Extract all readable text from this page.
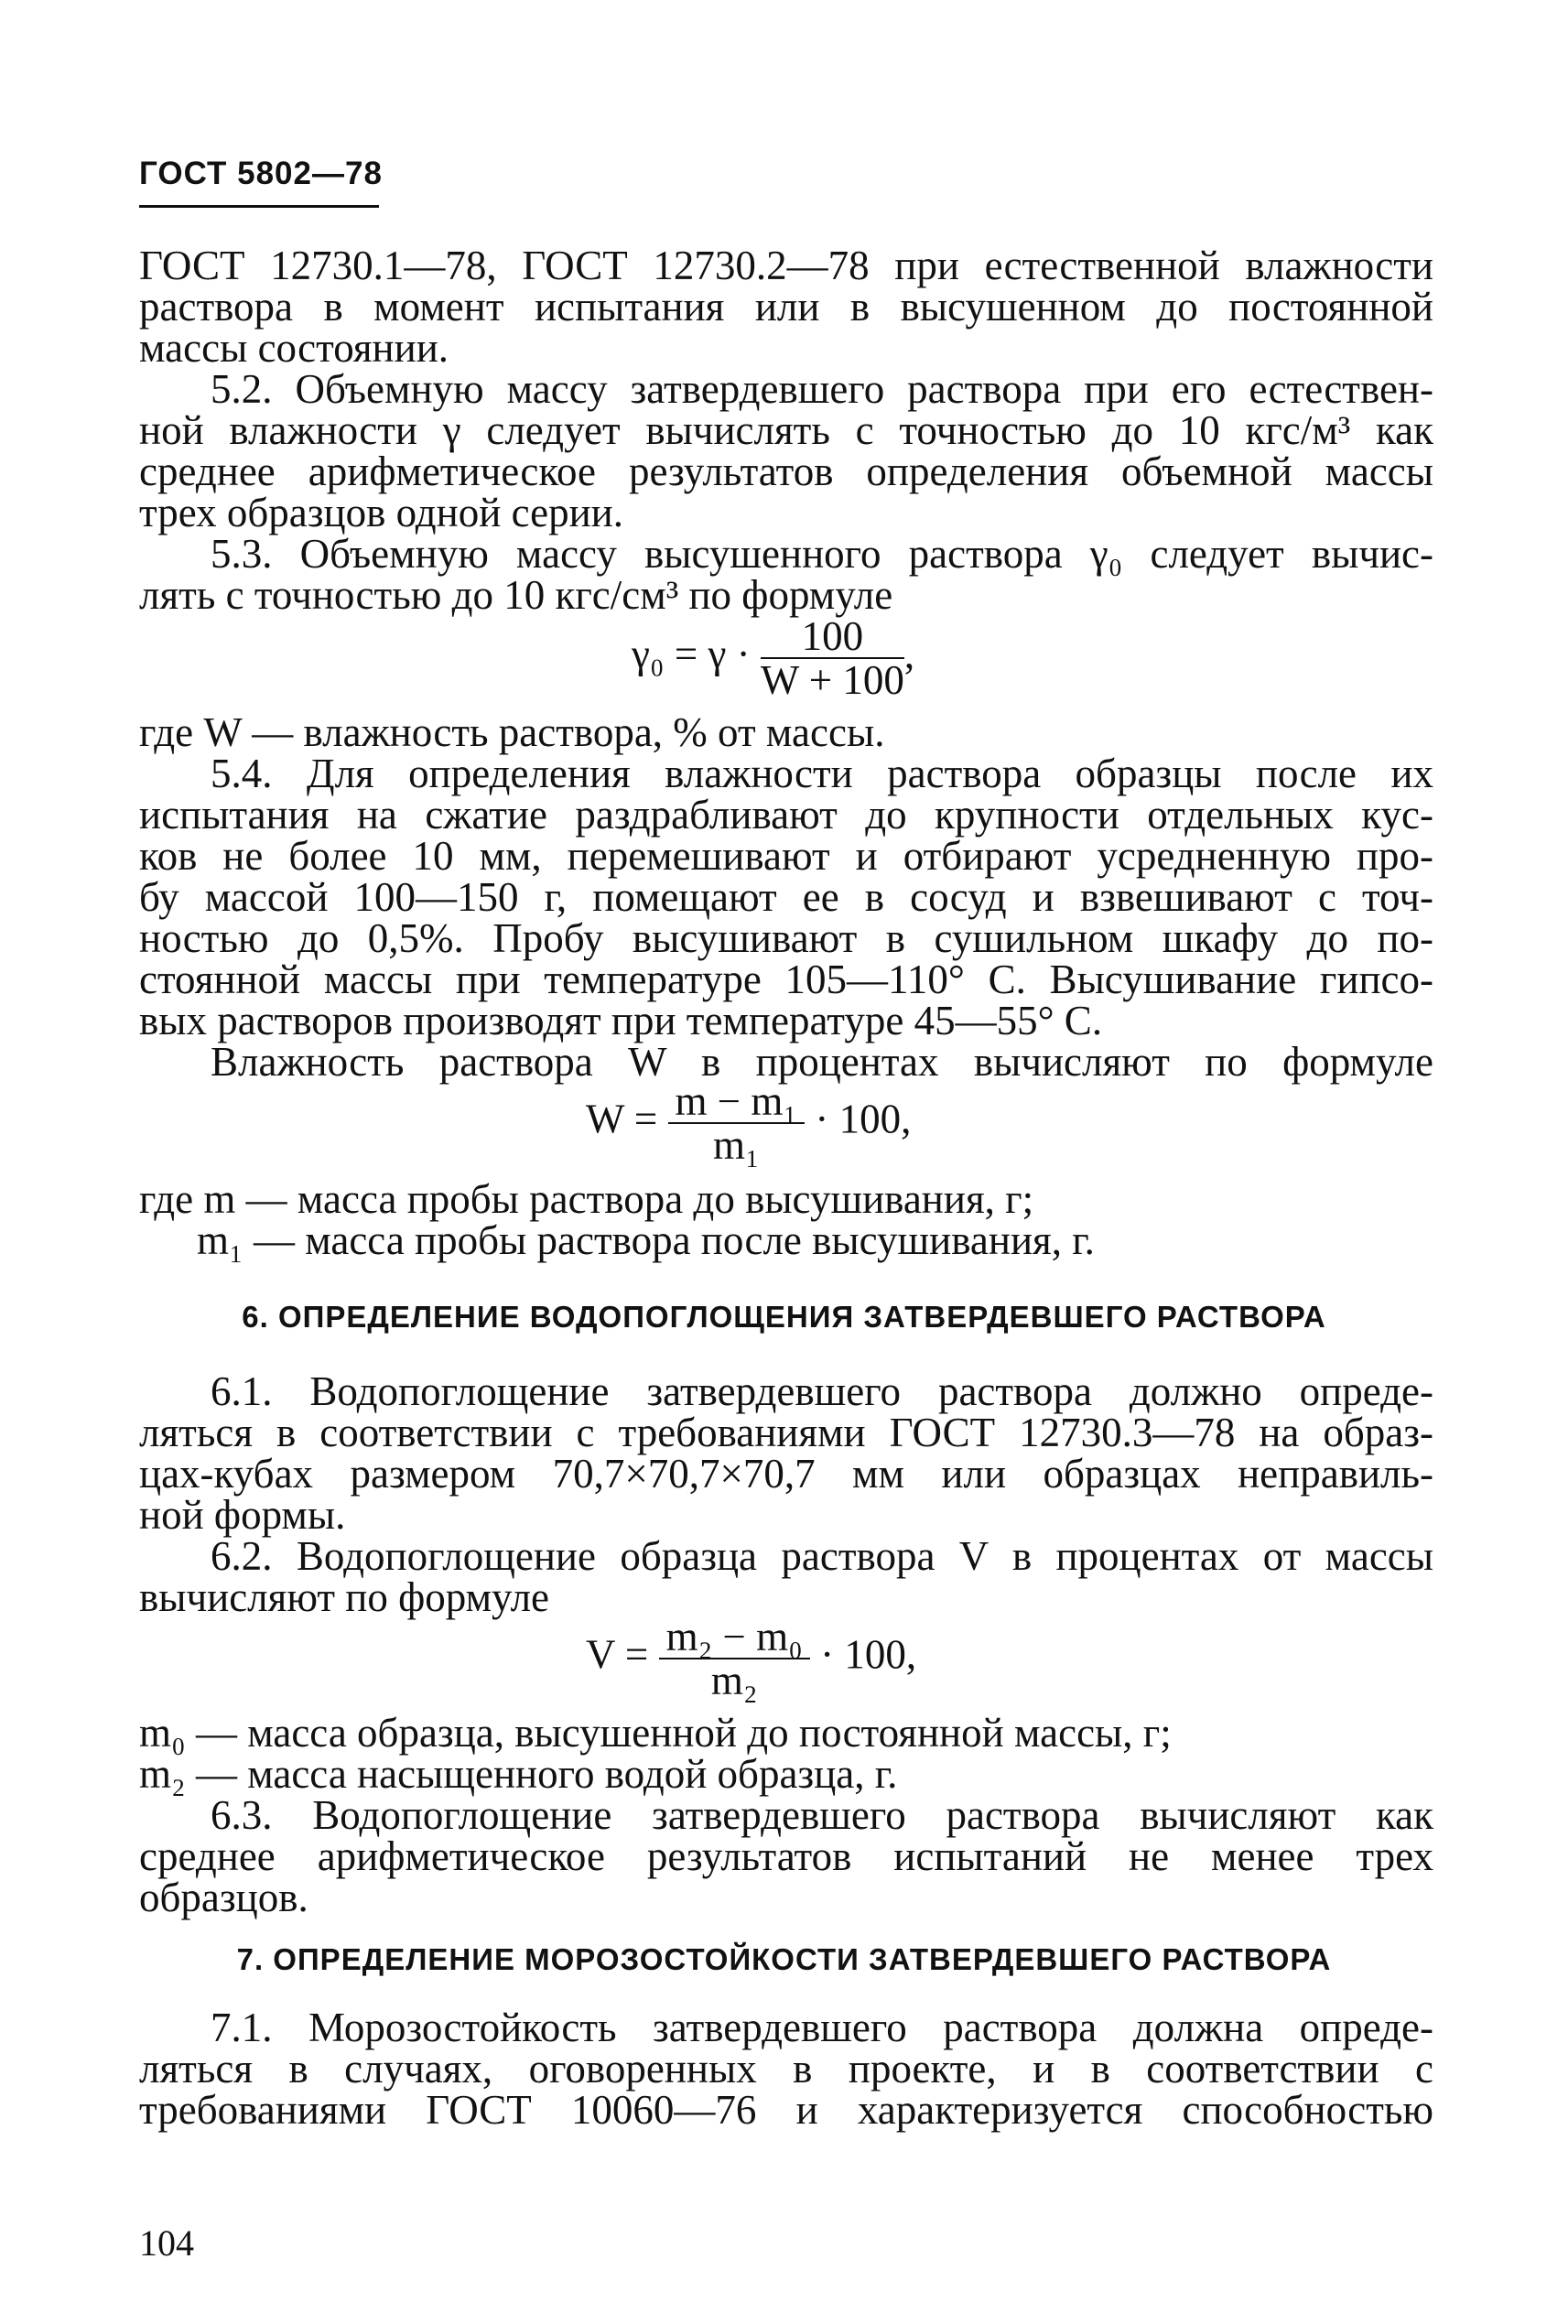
ГОСТ 5802—78
ГОСТ 12730.1—78, ГОСТ 12730.2—78 при естественной влажности
раствора в момент испытания или в высушенном до постоянной
массы состоянии.
5.2. Объемную массу затвердевшего раствора при его естествен-
ной влажности γ следует вычислять с точностью до 10 кгс/м³ как
среднее арифметическое результатов определения объемной массы
трех образцов одной серии.
5.3. Объемную массу высушенного раствора γ₀ следует вычис-
лять с точностью до 10 кгс/см³ по формуле
$\gamma_0 = \gamma \cdot \frac{100}{W + 100}$ ,
где W — влажность раствора, % от массы.
5.4. Для определения влажности раствора образцы после их
испытания на сжатие раздрабливают до крупности отдельных кус-
ков не более 10 мм, перемешивают и отбирают усредненную про-
бу массой 100—150 г, помещают ее в сосуд и взвешивают с точ-
ностью до 0,5%. Пробу высушивают в сушильном шкафу до по-
стоянной массы при температуре 105—110° С. Высушивание гипсо-
вых растворов производят при температуре 45—55° С.
Влажность раствора W в процентах вычисляют по формуле
$W = \frac{\text{m − m₁}}{\text{m₁}} \cdot 100$,
где m — масса пробы раствора до высушивания, г;
m₁ — масса пробы раствора после высушивания, г.
6. ОПРЕДЕЛЕНИЕ ВОДОПОГЛОЩЕНИЯ ЗАТВЕРДЕВШЕГО РАСТВОРА
6.1. Водопоглощение затвердевшего раствора должно опреде-
ляться в соответствии с требованиями ГОСТ 12730.3—78 на образ-
цах-кубах размером 70,7×70,7×70,7 мм или образцах неправиль-
ной формы.
6.2. Водопоглощение образца раствора V в процентах от массы
вычисляют по формуле
$V = \frac{\text{m₂ − m₀}}{\text{m₂}} \cdot 100$,
m₀ — масса образца, высушенной до постоянной массы, г;
m₂ — масса насыщенного водой образца, г.
6.3. Водопоглощение затвердевшего раствора вычисляют как
среднее арифметическое результатов испытаний не менее трех
образцов.
7. ОПРЕДЕЛЕНИЕ МОРОЗОСТОЙКОСТИ ЗАТВЕРДЕВШЕГО РАСТВОРА
7.1. Морозостойкость затвердевшего раствора должна опреде-
ляться в случаях, оговоренных в проекте, и в соответствии с
требованиями ГОСТ 10060—76 и характеризуется способностью
104
